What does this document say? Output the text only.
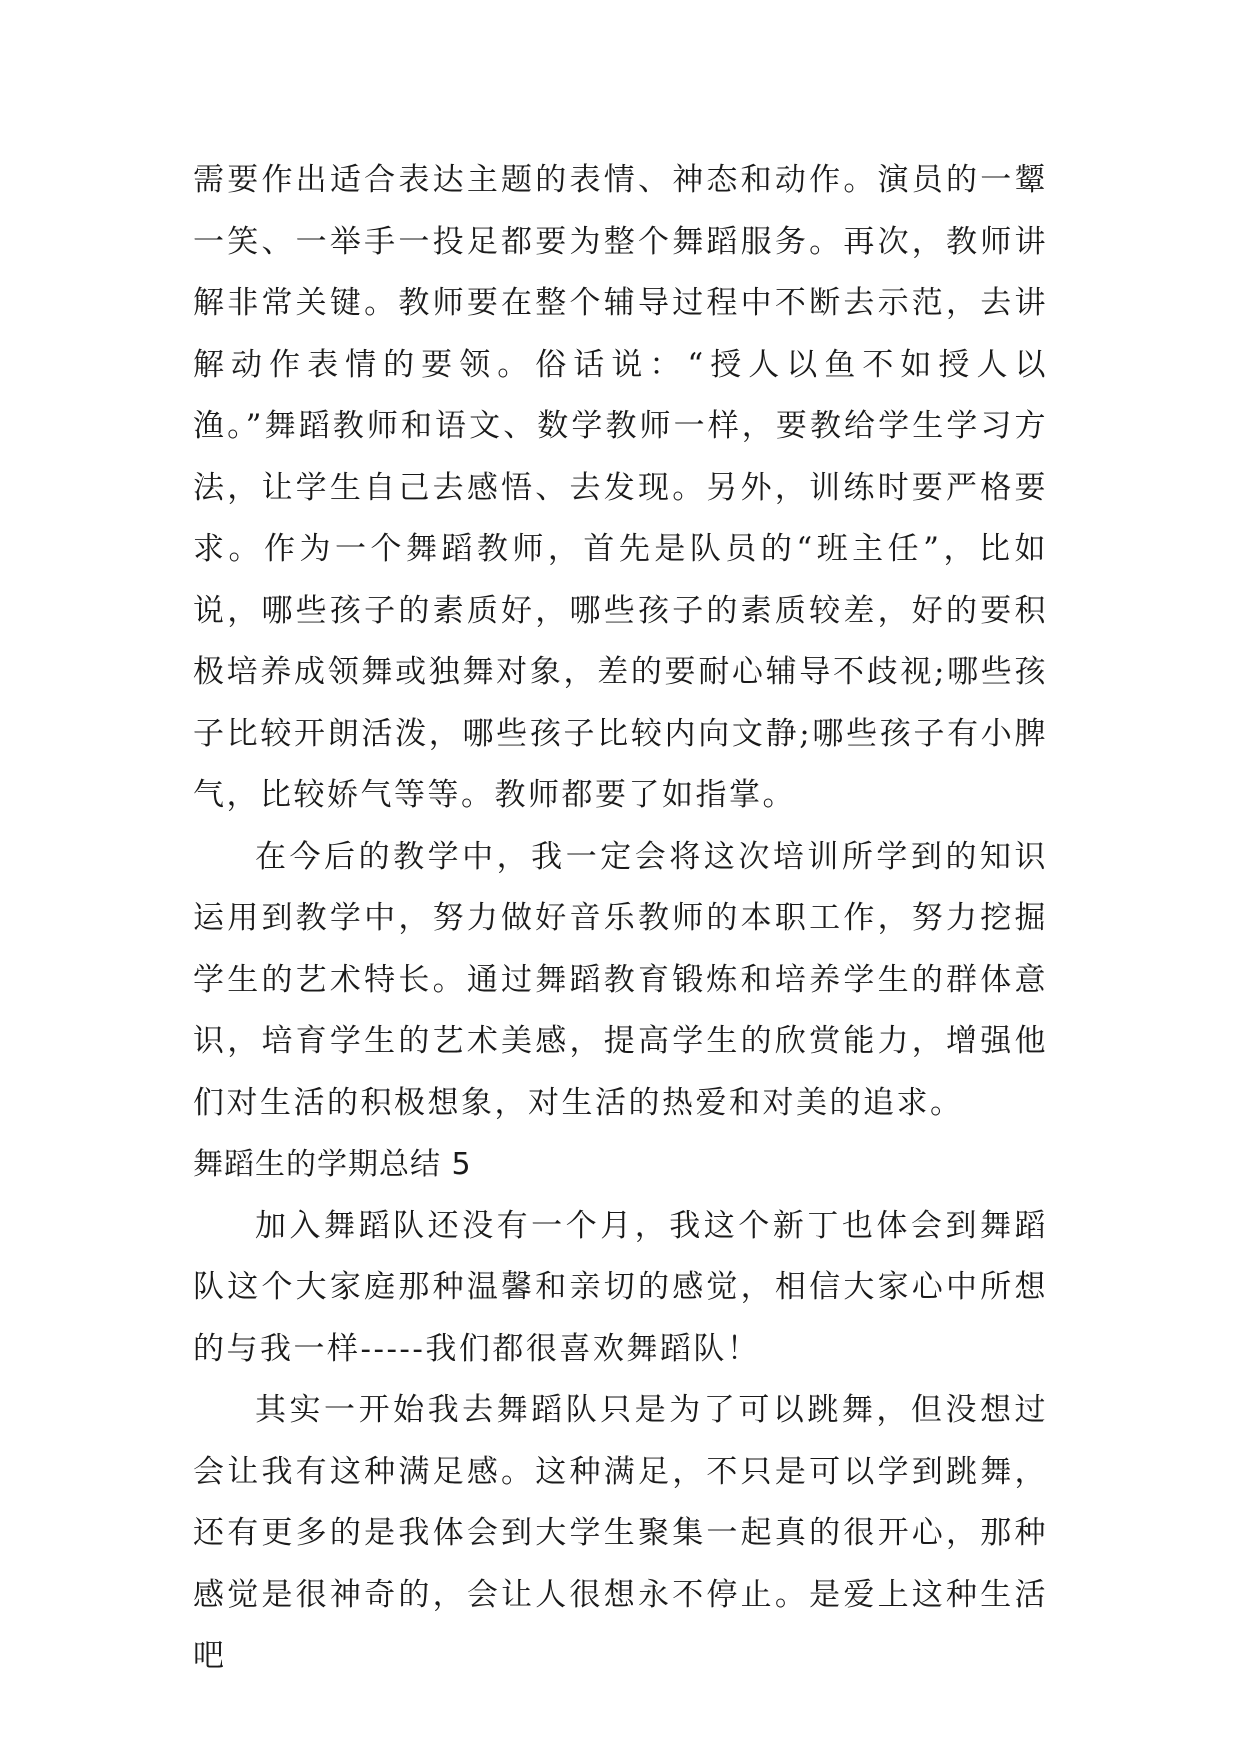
需要作出适合表达主题的表情、神态和动作。演员的一颦一笑、一举手一投足都要为整个舞蹈服务。再次，教师讲解非常关键。教师要在整个辅导过程中不断去示范，去讲解动作表情的要领。俗话说：“授人以鱼不如授人以渔。”舞蹈教师和语文、数学教师一样，要教给学生学习方法，让学生自己去感悟、去发现。另外，训练时要严格要求。作为一个舞蹈教师，首先是队员的“班主任”，比如说，哪些孩子的素质好，哪些孩子的素质较差，好的要积极培养成领舞或独舞对象，差的要耐心辅导不歧视;哪些孩子比较开朗活泼，哪些孩子比较内向文静;哪些孩子有小脾气，比较娇气等等。教师都要了如指掌。

在今后的教学中，我一定会将这次培训所学到的知识运用到教学中，努力做好音乐教师的本职工作，努力挖掘学生的艺术特长。通过舞蹈教育锻炼和培养学生的群体意识，培育学生的艺术美感，提高学生的欣赏能力，增强他们对生活的积极想象，对生活的热爱和对美的追求。

舞蹈生的学期总结 5

加入舞蹈队还没有一个月，我这个新丁也体会到舞蹈队这个大家庭那种温馨和亲切的感觉，相信大家心中所想的与我一样-----我们都很喜欢舞蹈队！

其实一开始我去舞蹈队只是为了可以跳舞，但没想过会让我有这种满足感。这种满足，不只是可以学到跳舞，还有更多的是我体会到大学生聚集一起真的很开心，那种感觉是很神奇的，会让人很想永不停止。是爱上这种生活吧
